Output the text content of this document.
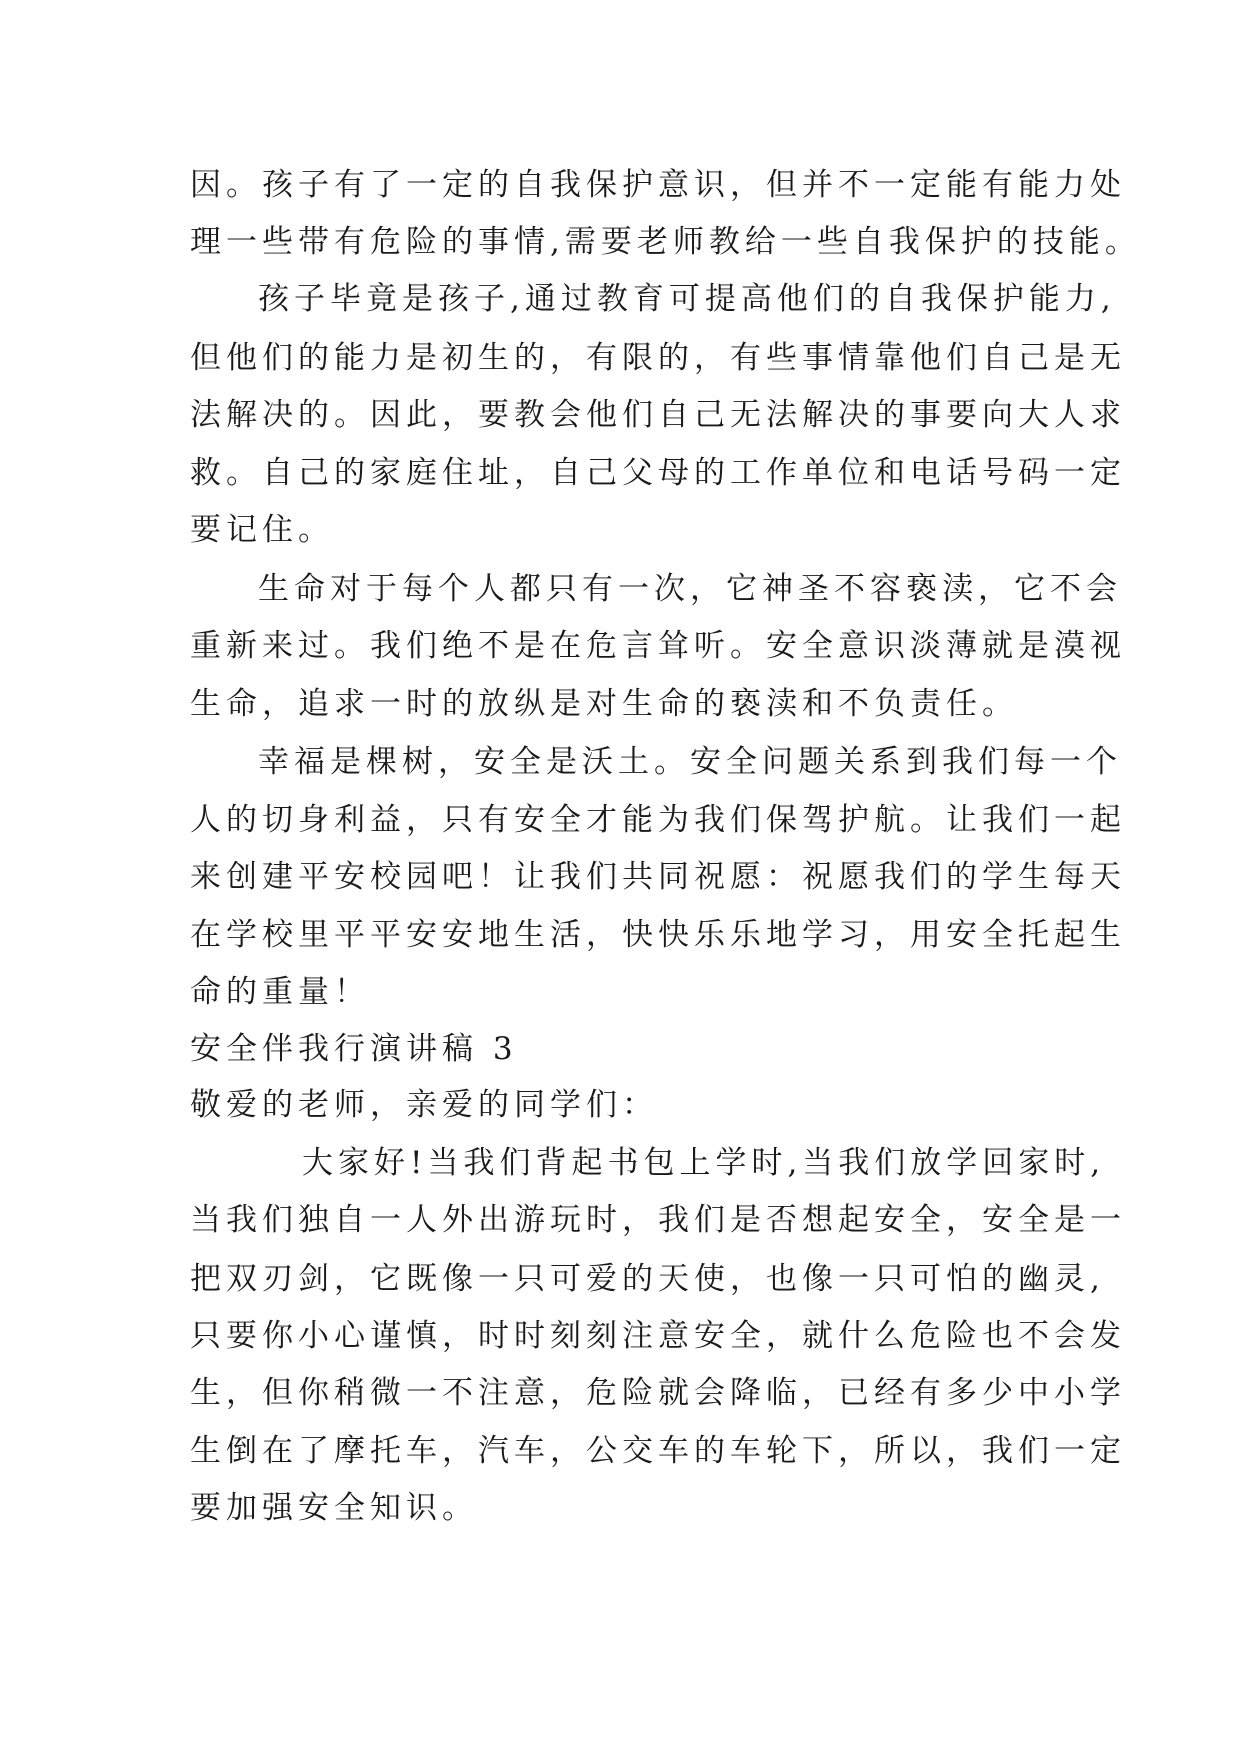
因。孩子有了一定的自我保护意识，但并不一定能有能力处
理一些带有危险的事情,需要老师教给一些自我保护的技能。
孩子毕竟是孩子,通过教育可提高他们的自我保护能力,
但他们的能力是初生的，有限的，有些事情靠他们自己是无
法解决的。因此，要教会他们自己无法解决的事要向大人求
救。自己的家庭住址，自己父母的工作单位和电话号码一定
要记住。
生命对于每个人都只有一次，它神圣不容亵渎，它不会
重新来过。我们绝不是在危言耸听。安全意识淡薄就是漠视
生命，追求一时的放纵是对生命的亵渎和不负责任。
幸福是棵树，安全是沃土。安全问题关系到我们每一个
人的切身利益，只有安全才能为我们保驾护航。让我们一起
来创建平安校园吧！让我们共同祝愿：祝愿我们的学生每天
在学校里平平安安地生活，快快乐乐地学习，用安全托起生
命的重量！
安全伴我行演讲稿 3
敬爱的老师，亲爱的同学们：
大家好!当我们背起书包上学时,当我们放学回家时,
当我们独自一人外出游玩时，我们是否想起安全，安全是一
把双刃剑，它既像一只可爱的天使，也像一只可怕的幽灵,
只要你小心谨慎，时时刻刻注意安全，就什么危险也不会发
生，但你稍微一不注意，危险就会降临，已经有多少中小学
生倒在了摩托车，汽车，公交车的车轮下，所以，我们一定
要加强安全知识。
